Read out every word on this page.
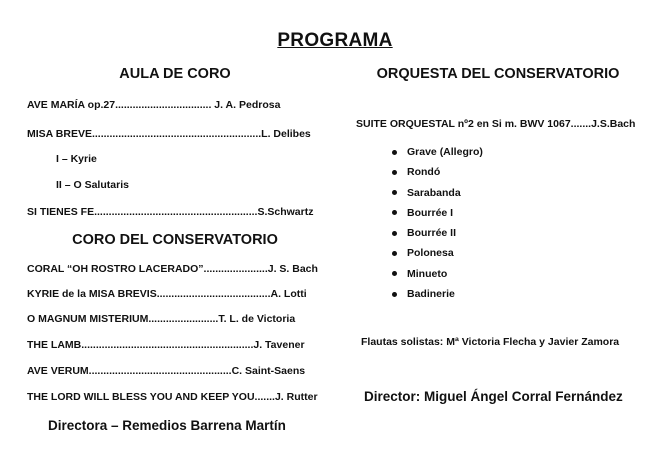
PROGRAMA
AULA DE CORO
AVE MARÍA op.27................................. J. A. Pedrosa
MISA BREVE..........................................................L. Delibes
I – Kyrie
II – O Salutaris
SI TIENES FE........................................................S.Schwartz
CORO DEL CONSERVATORIO
CORAL “OH ROSTRO LACERADO”......................J. S. Bach
KYRIE de la MISA BREVIS.......................................A. Lotti
O MAGNUM MISTERIUM........................T. L. de Victoria
THE LAMB...........................................................J. Tavener
AVE VERUM.................................................C. Saint-Saens
THE LORD WILL BLESS YOU AND KEEP YOU.......J. Rutter
Directora – Remedios Barrena Martín
ORQUESTA DEL CONSERVATORIO
SUITE ORQUESTAL nº2 en Si m. BWV 1067.......J.S.Bach
Grave (Allegro)
Rondó
Sarabanda
Bourrée I
Bourrée II
Polonesa
Minueto
Badinerie
Flautas solistas: Mª Victoria Flecha y Javier Zamora
Director: Miguel Ángel Corral Fernández
